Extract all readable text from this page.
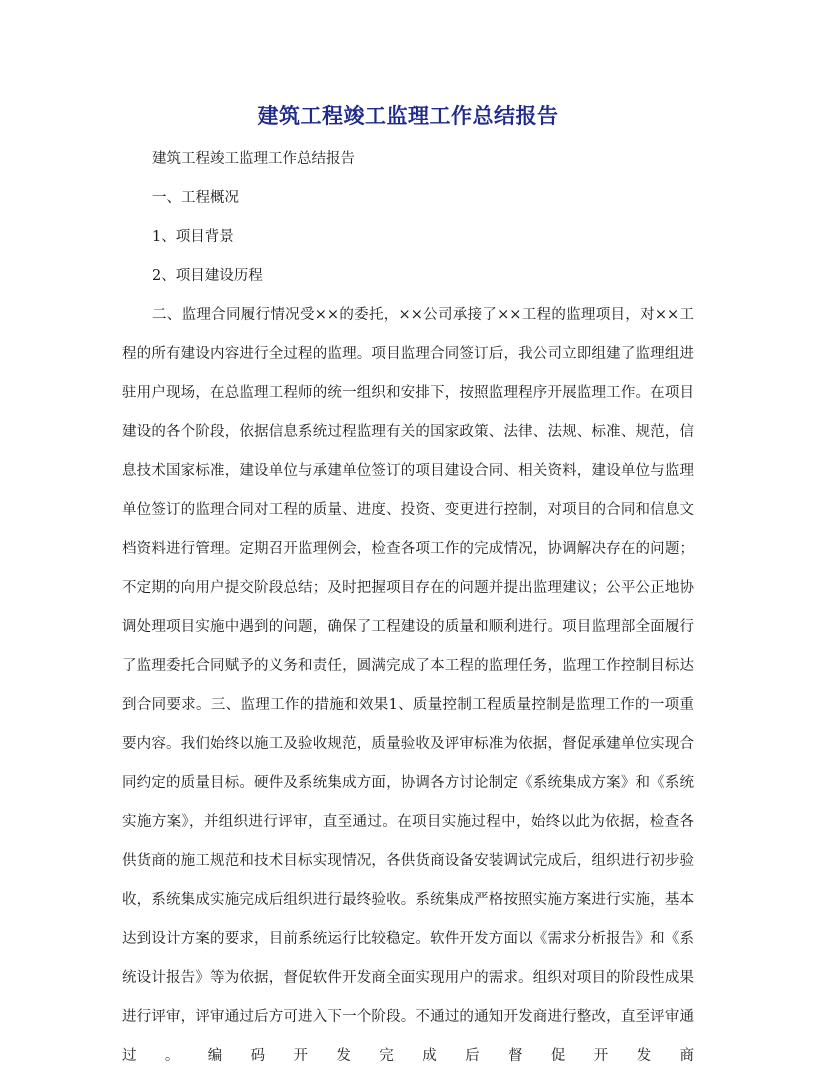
建筑工程竣工监理工作总结报告

建筑工程竣工监理工作总结报告

一、工程概况

1、项目背景

2、项目建设历程

二、监理合同履行情况受××的委托，××公司承接了××工程的监理项目，对××工程的所有建设内容进行全过程的监理。项目监理合同签订后，我公司立即组建了监理组进驻用户现场，在总监理工程师的统一组织和安排下，按照监理程序开展监理工作。在项目建设的各个阶段，依据信息系统过程监理有关的国家政策、法律、法规、标准、规范，信息技术国家标准，建设单位与承建单位签订的项目建设合同、相关资料，建设单位与监理单位签订的监理合同对工程的质量、进度、投资、变更进行控制，对项目的合同和信息文档资料进行管理。定期召开监理例会，检查各项工作的完成情况，协调解决存在的问题；不定期的向用户提交阶段总结；及时把握项目存在的问题并提出监理建议；公平公正地协调处理项目实施中遇到的问题，确保了工程建设的质量和顺利进行。项目监理部全面履行了监理委托合同赋予的义务和责任，圆满完成了本工程的监理任务，监理工作控制目标达到合同要求。三、监理工作的措施和效果1、质量控制工程质量控制是监理工作的一项重要内容。我们始终以施工及验收规范，质量验收及评审标准为依据，督促承建单位实现合同约定的质量目标。硬件及系统集成方面，协调各方讨论制定《系统集成方案》和《系统实施方案》，并组织进行评审，直至通过。在项目实施过程中，始终以此为依据，检查各供货商的施工规范和技术目标实现情况，各供货商设备安装调试完成后，组织进行初步验收，系统集成实施完成后组织进行最终验收。系统集成严格按照实施方案进行实施，基本达到设计方案的要求，目前系统运行比较稳定。软件开发方面以《需求分析报告》和《系统设计报告》等为依据，督促软件开发商全面实现用户的需求。组织对项目的阶段性成果进行评审，评审通过后方可进入下一个阶段。不通过的通知开发商进行整改，直至评审通过。编码开发完成后督促开发商
